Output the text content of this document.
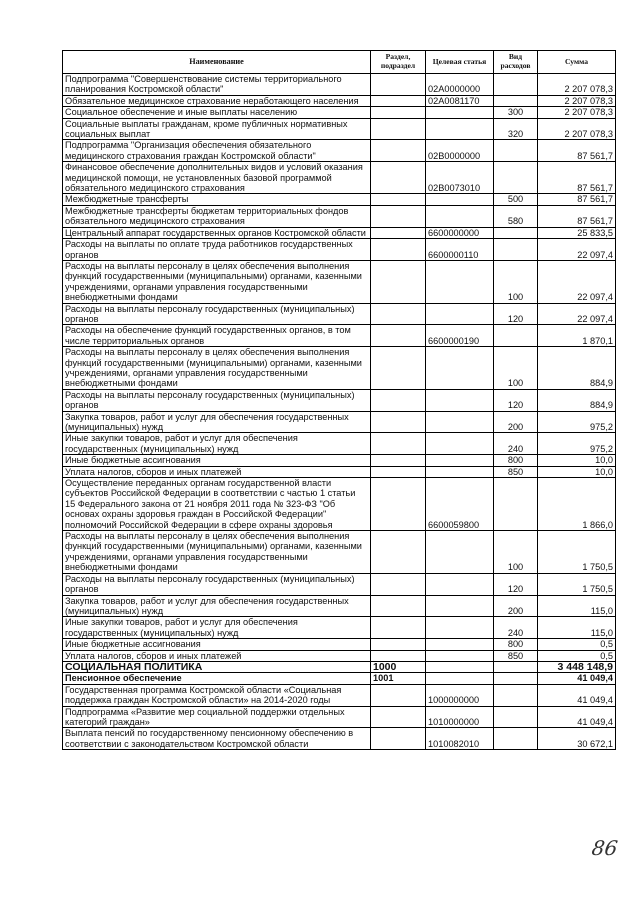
Наименование	Раздел, подраздел	Целевая статья	Вид расходов	Сумма
Подпрограмма "Совершенствование системы территориального планирования Костромской области"		02А0000000		2 207 078,3
Обязательное медицинское страхование неработающего населения		02А0081170		2 207 078,3
Социальное обеспечение и иные выплаты населению			300	2 207 078,3
Социальные выплаты гражданам, кроме публичных нормативных социальных выплат			320	2 207 078,3
Подпрограмма "Организация обеспечения обязательного медицинского страхования граждан Костромской области"		02В0000000		87 561,7
Финансовое обеспечение дополнительных видов и условий оказания медицинской помощи, не установленных базовой программой обязательного медицинского страхования		02В0073010		87 561,7
Межбюджетные трансферты			500	87 561,7
Межбюджетные трансферты бюджетам территориальных фондов обязательного медицинского страхования			580	87 561,7
Центральный аппарат государственных органов Костромской области		6600000000		25 833,5
Расходы на выплаты по оплате труда работников государственных органов		6600000110		22 097,4
Расходы на выплаты персоналу в целях обеспечения выполнения функций государственными (муниципальными) органами, казенными учреждениями, органами управления государственными внебюджетными фондами			100	22 097,4
Расходы на выплаты персоналу государственных (муниципальных) органов			120	22 097,4
Расходы на обеспечение функций государственных органов, в том числе территориальных органов		6600000190		1 870,1
Расходы на выплаты персоналу в целях обеспечения выполнения функций государственными (муниципальными) органами, казенными учреждениями, органами управления государственными внебюджетными фондами			100	884,9
Расходы на выплаты персоналу государственных (муниципальных) органов			120	884,9
Закупка товаров, работ и услуг для обеспечения государственных (муниципальных) нужд			200	975,2
Иные закупки товаров, работ и услуг для обеспечения государственных (муниципальных) нужд			240	975,2
Иные бюджетные ассигнования			800	10,0
Уплата налогов, сборов и иных платежей			850	10,0
Осуществление переданных органам государственной власти субъектов Российской Федерации в соответствии с частью 1 статьи 15 Федерального закона от 21 ноября 2011 года № 323-ФЗ "Об основах охраны здоровья граждан в Российской Федерации" полномочий Российской Федерации в сфере охраны здоровья		6600059800		1 866,0
Расходы на выплаты персоналу в целях обеспечения выполнения функций государственными (муниципальными) органами, казенными учреждениями, органами управления государственными внебюджетными фондами			100	1 750,5
Расходы на выплаты персоналу государственных (муниципальных) органов			120	1 750,5
Закупка товаров, работ и услуг для обеспечения государственных (муниципальных) нужд			200	115,0
Иные закупки товаров, работ и услуг для обеспечения государственных (муниципальных) нужд			240	115,0
Иные бюджетные ассигнования			800	0,5
Уплата налогов, сборов и иных платежей			850	0,5
СОЦИАЛЬНАЯ ПОЛИТИКА	1000			3 448 148,9
Пенсионное обеспечение	1001			41 049,4
Государственная программа Костромской области «Социальная поддержка граждан Костромской области» на 2014-2020 годы		1000000000		41 049,4
Подпрограмма «Развитие мер социальной поддержки отдельных категорий граждан»		1010000000		41 049,4
Выплата пенсий по государственному пенсионному обеспечению в соответствии с законодательством Костромской области		1010082010		30 672,1
86
